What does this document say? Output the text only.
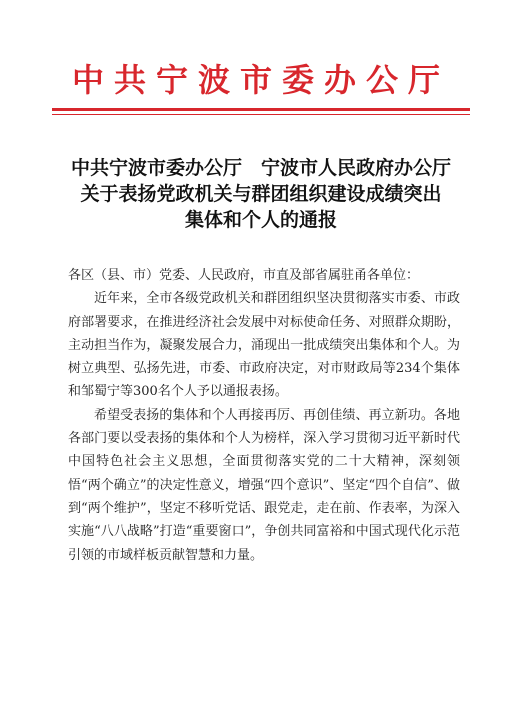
中共宁波市委办公厅
中共宁波市委办公厅　宁波市人民政府办公厅
关于表扬党政机关与群团组织建设成绩突出
集体和个人的通报

各区（县、市）党委、人民政府，市直及部省属驻甬各单位：

近年来，全市各级党政机关和群团组织坚决贯彻落实市委、市政府部署要求，在推进经济社会发展中对标使命任务、对照群众期盼，主动担当作为，凝聚发展合力，涌现出一批成绩突出集体和个人。为树立典型、弘扬先进，市委、市政府决定，对市财政局等234个集体和邹蜀宁等300名个人予以通报表扬。

希望受表扬的集体和个人再接再厉、再创佳绩、再立新功。各地各部门要以受表扬的集体和个人为榜样，深入学习贯彻习近平新时代中国特色社会主义思想，全面贯彻落实党的二十大精神，深刻领悟“两个确立”的决定性意义，增强“四个意识”、坚定“四个自信”、做到“两个维护”，坚定不移听党话、跟党走，走在前、作表率，为深入实施“八八战略”打造“重要窗口”，争创共同富裕和中国式现代化示范引领的市域样板贡献智慧和力量。
